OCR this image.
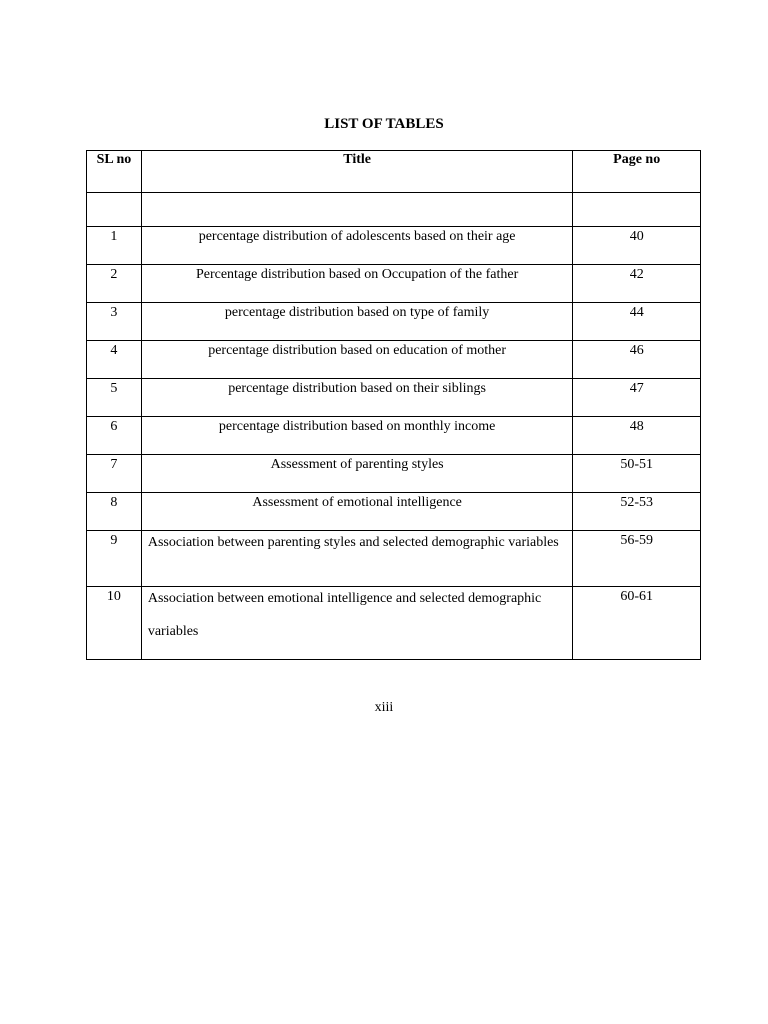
LIST OF TABLES
SL no	Title	Page no

1	percentage distribution of adolescents based on their age	40

2	Percentage distribution based on Occupation of the father	42

3	percentage distribution based on type of family	44

4	percentage distribution based on education of mother	46

5	percentage distribution based on their siblings	47

6	percentage distribution based on monthly income	48

7	Assessment of parenting styles	50-51

8	Assessment of emotional intelligence	52-53

9	Association between parenting styles and selected demographic variables	56-59

10	Association between emotional intelligence and selected demographic variables	60-61
xiii
